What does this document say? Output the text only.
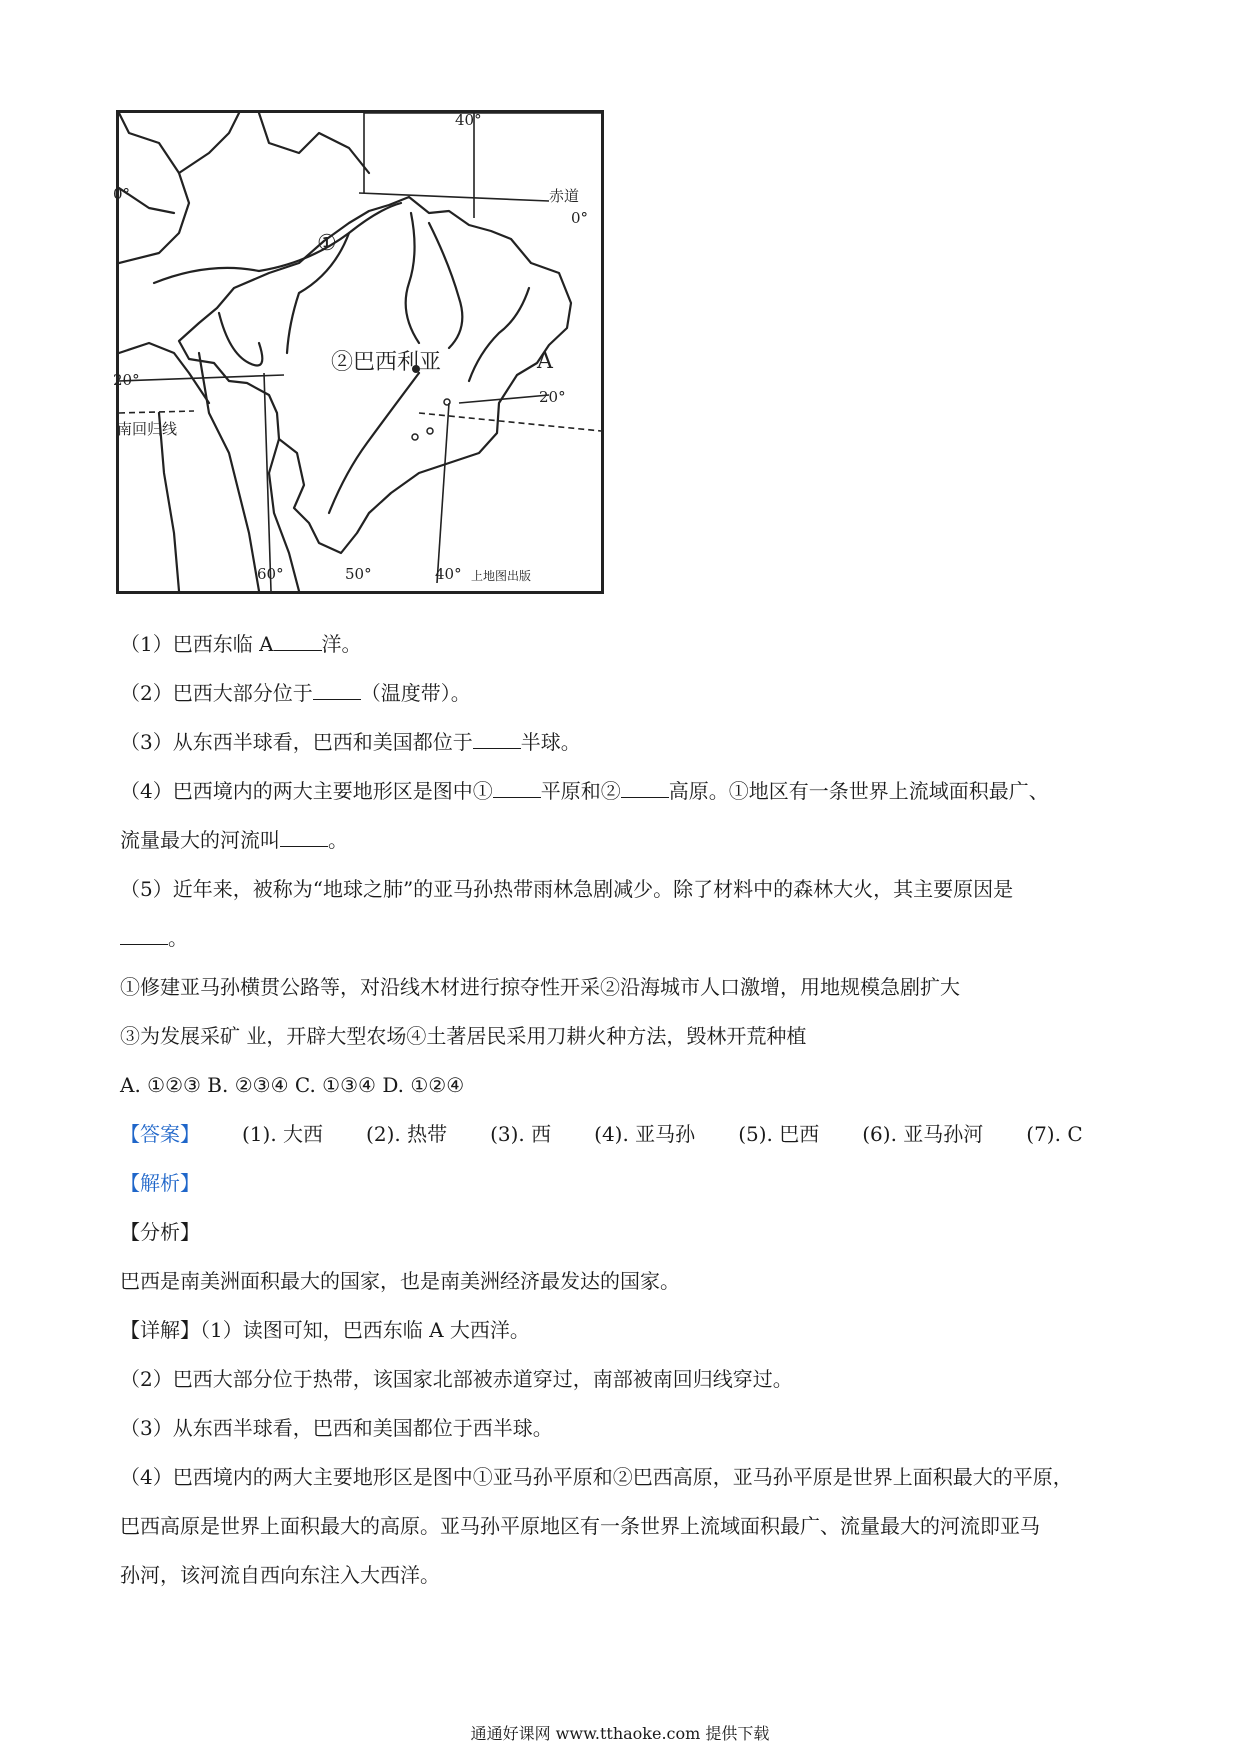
40°
赤道
0°
0°
①
②巴西利亚	A
20°
20°
南回归线
60°	50°	40° 上地图出版
（1）巴西东临 A 洋。
（2）巴西大部分位于 （温度带）。
（3）从东西半球看，巴西和美国都位于 半球。
（4）巴西境内的两大主要地形区是图中① 平原和② 高原。①地区有一条世界上流域面积最广、
流量最大的河流叫 。
（5）近年来，被称为“地球之肺”的亚马孙热带雨林急剧减少。除了材料中的森林大火，其主要原因是
。
①修建亚马孙横贯公路等，对沿线木材进行掠夺性开采②沿海城市人口激增，用地规模急剧扩大
③为发展采矿 业，开辟大型农场④土著居民采用刀耕火种方法，毁林开荒种植
A. ①②③ B. ②③④ C. ①③④ D. ①②④
【答案】 (1). 大西 (2). 热带 (3). 西 (4). 亚马孙 (5). 巴西 (6). 亚马孙河 (7). C
【解析】
【分析】
巴西是南美洲面积最大的国家，也是南美洲经济最发达的国家。
【详解】（1）读图可知，巴西东临 A 大西洋。
（2）巴西大部分位于热带，该国家北部被赤道穿过，南部被南回归线穿过。
（3）从东西半球看，巴西和美国都位于西半球。
（4）巴西境内的两大主要地形区是图中①亚马孙平原和②巴西高原，亚马孙平原是世界上面积最大的平原，
巴西高原是世界上面积最大的高原。亚马孙平原地区有一条世界上流域面积最广、流量最大的河流即亚马
孙河，该河流自西向东注入大西洋。
通通好课网 www.tthaoke.com 提供下载
